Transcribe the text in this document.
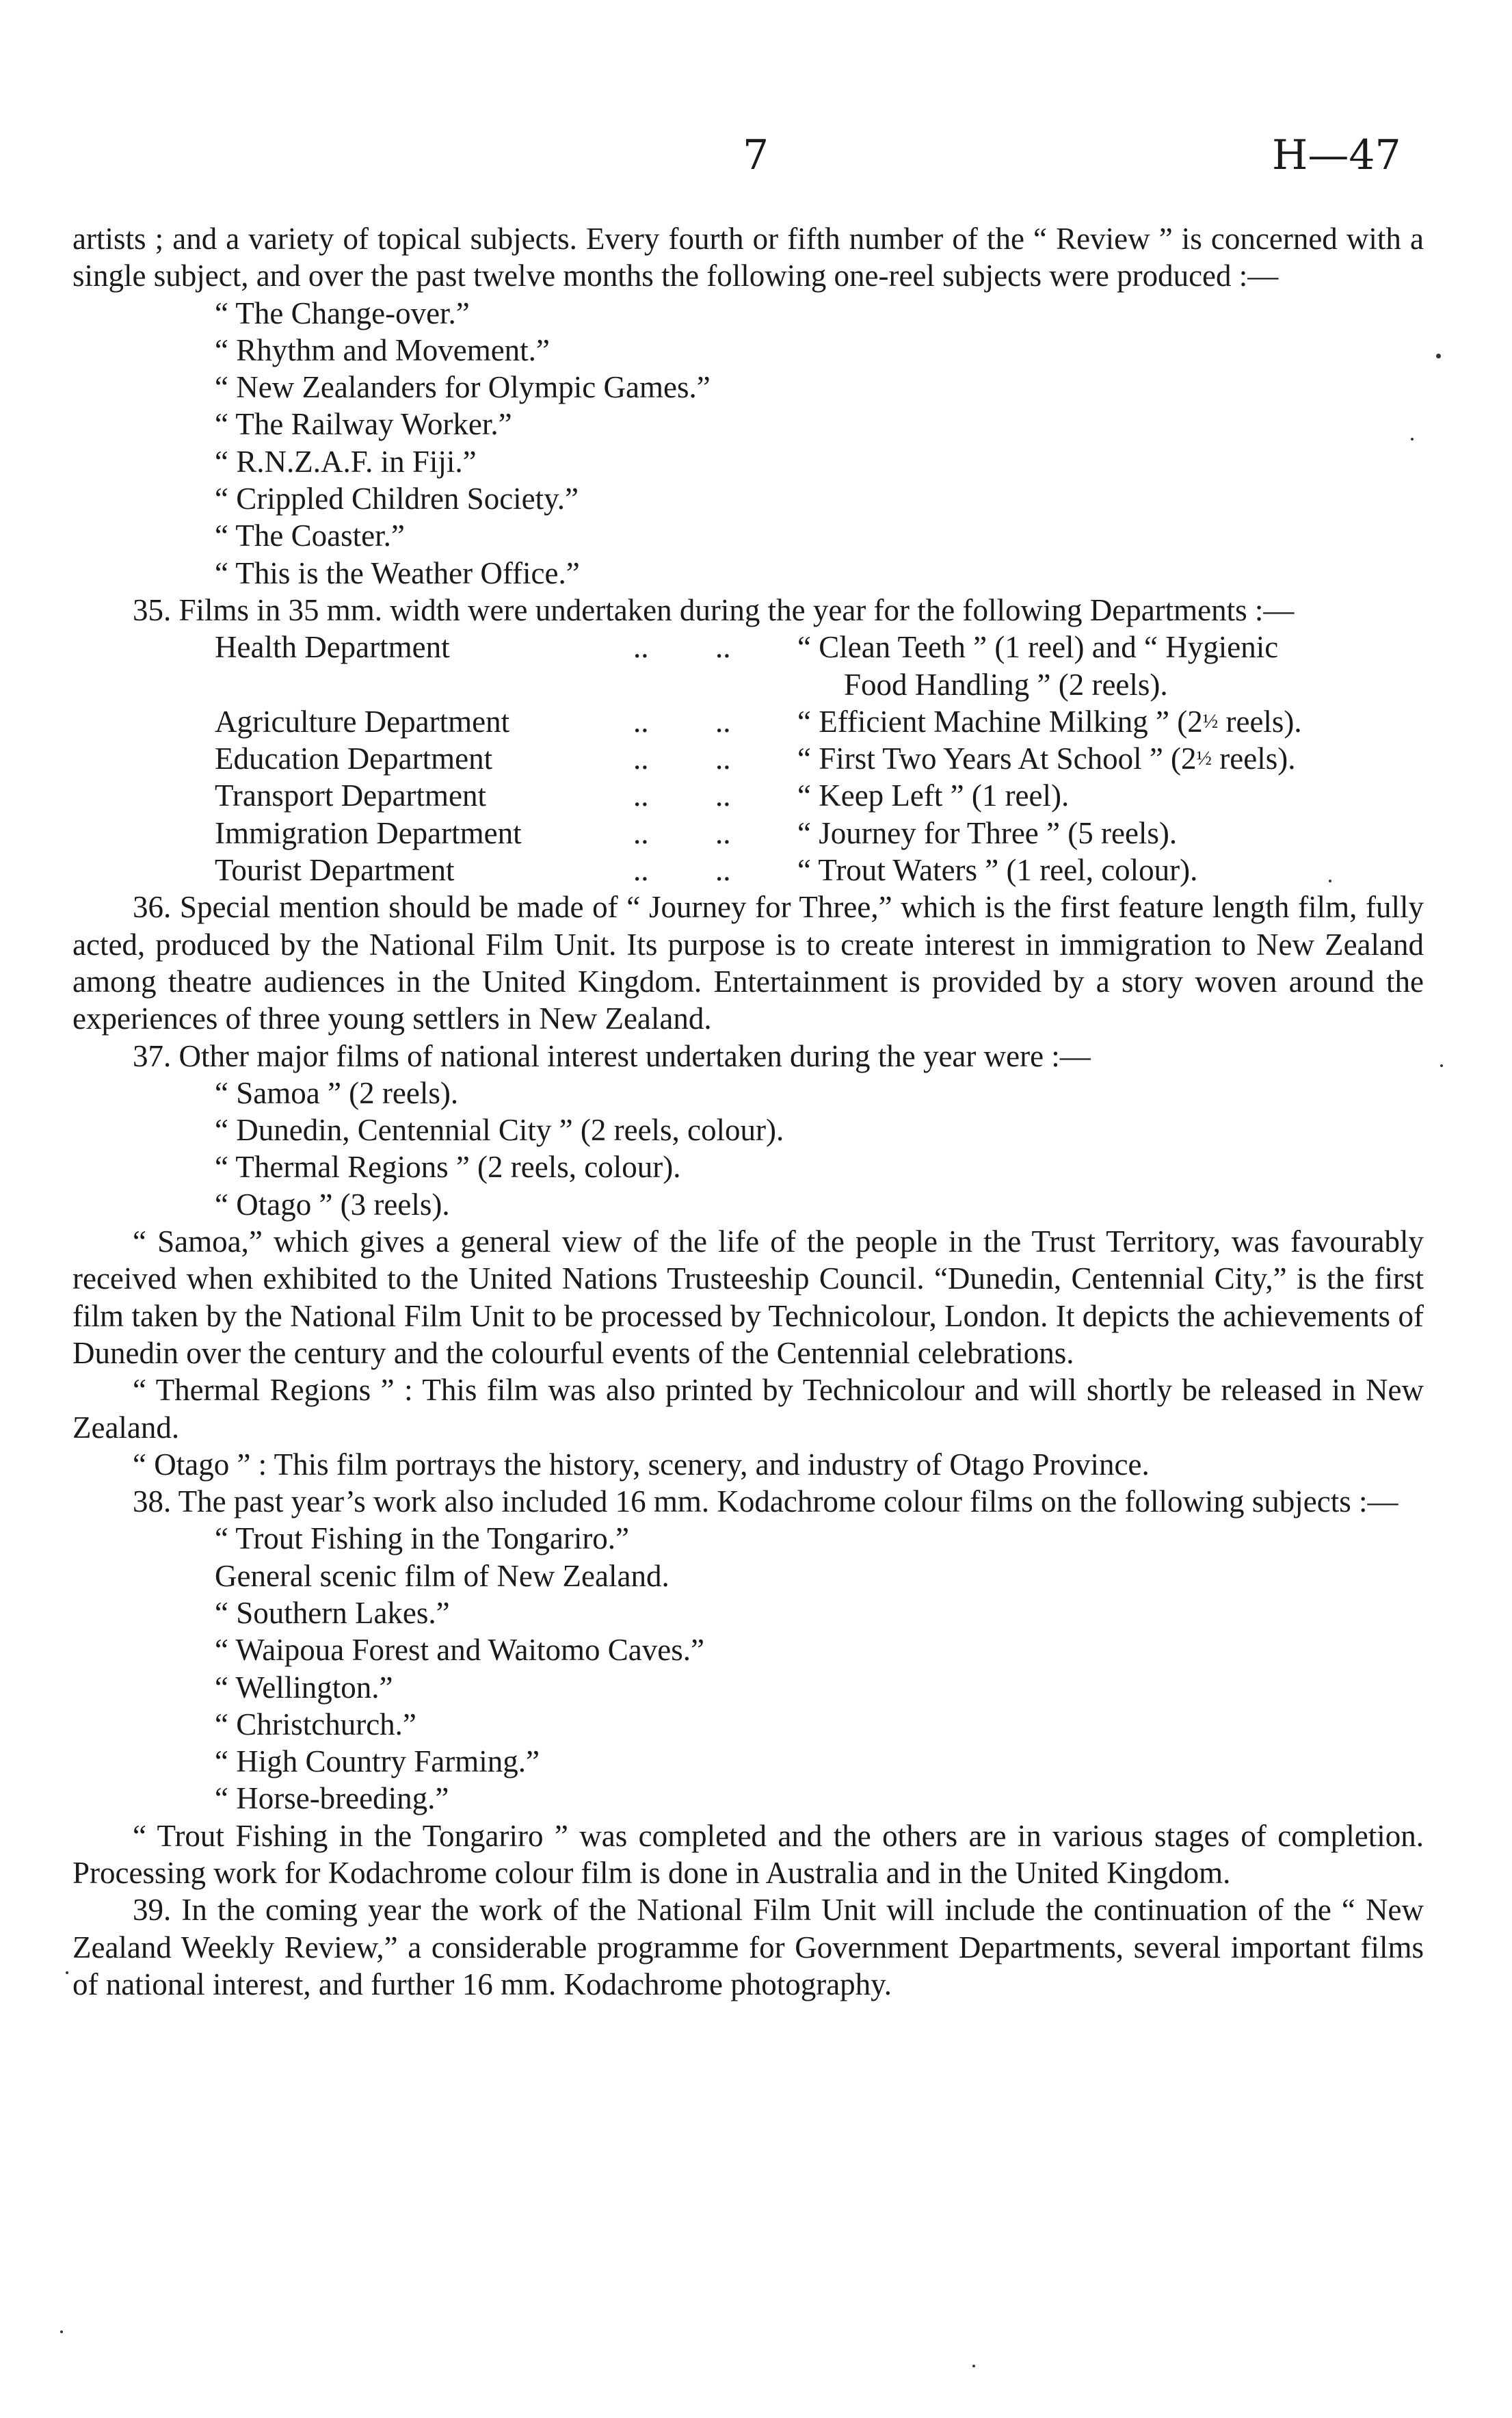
7	H—47

artists ; and a variety of topical subjects. Every fourth or fifth number of the “ Review ” is concerned with a single subject, and over the past twelve months the following one-reel subjects were produced :—

“ The Change-over.”
“ Rhythm and Movement.”
“ New Zealanders for Olympic Games.”
“ The Railway Worker.”
“ R.N.Z.A.F. in Fiji.”
“ Crippled Children Society.”
“ The Coaster.”
“ This is the Weather Office.”

35. Films in 35 mm. width were undertaken during the year for the following Departments :—

Health Department	.. ..	“ Clean Teeth ” (1 reel) and “ Hygienic
Food Handling ” (2 reels).

Agriculture Department	.. ..	“ Efficient Machine Milking ” (2½ reels).
Education Department	.. ..	“ First Two Years At School ” (2½ reels).
Transport Department	.. ..	“ Keep Left ” (1 reel).
Immigration Department	.. ..	“ Journey for Three ” (5 reels).
Tourist Department	.. ..	“ Trout Waters ” (1 reel, colour).

36. Special mention should be made of “ Journey for Three,” which is the first feature length film, fully acted, produced by the National Film Unit. Its purpose is to create interest in immigration to New Zealand among theatre audiences in the United Kingdom. Entertainment is provided by a story woven around the experiences of three young settlers in New Zealand.

37. Other major films of national interest undertaken during the year were :—

“ Samoa ” (2 reels).
“ Dunedin, Centennial City ” (2 reels, colour).
“ Thermal Regions ” (2 reels, colour).
“ Otago ” (3 reels).

“ Samoa,” which gives a general view of the life of the people in the Trust Territory, was favourably received when exhibited to the United Nations Trusteeship Council. “Dunedin, Centennial City,” is the first film taken by the National Film Unit to be processed by Technicolour, London. It depicts the achievements of Dunedin over the century and the colourful events of the Centennial celebrations.

“ Thermal Regions ” : This film was also printed by Technicolour and will shortly be released in New Zealand.

“ Otago ” : This film portrays the history, scenery, and industry of Otago Province.

38. The past year’s work also included 16 mm. Kodachrome colour films on the following subjects :—

“ Trout Fishing in the Tongariro.”
General scenic film of New Zealand.
“ Southern Lakes.”
“ Waipoua Forest and Waitomo Caves.”
“ Wellington.”
“ Christchurch.”
“ High Country Farming.”
“ Horse-breeding.”

“ Trout Fishing in the Tongariro ” was completed and the others are in various stages of completion. Processing work for Kodachrome colour film is done in Australia and in the United Kingdom.

39. In the coming year the work of the National Film Unit will include the continuation of the “ New Zealand Weekly Review,” a considerable programme for Government Departments, several important films of national interest, and further 16 mm. Kodachrome photography.
